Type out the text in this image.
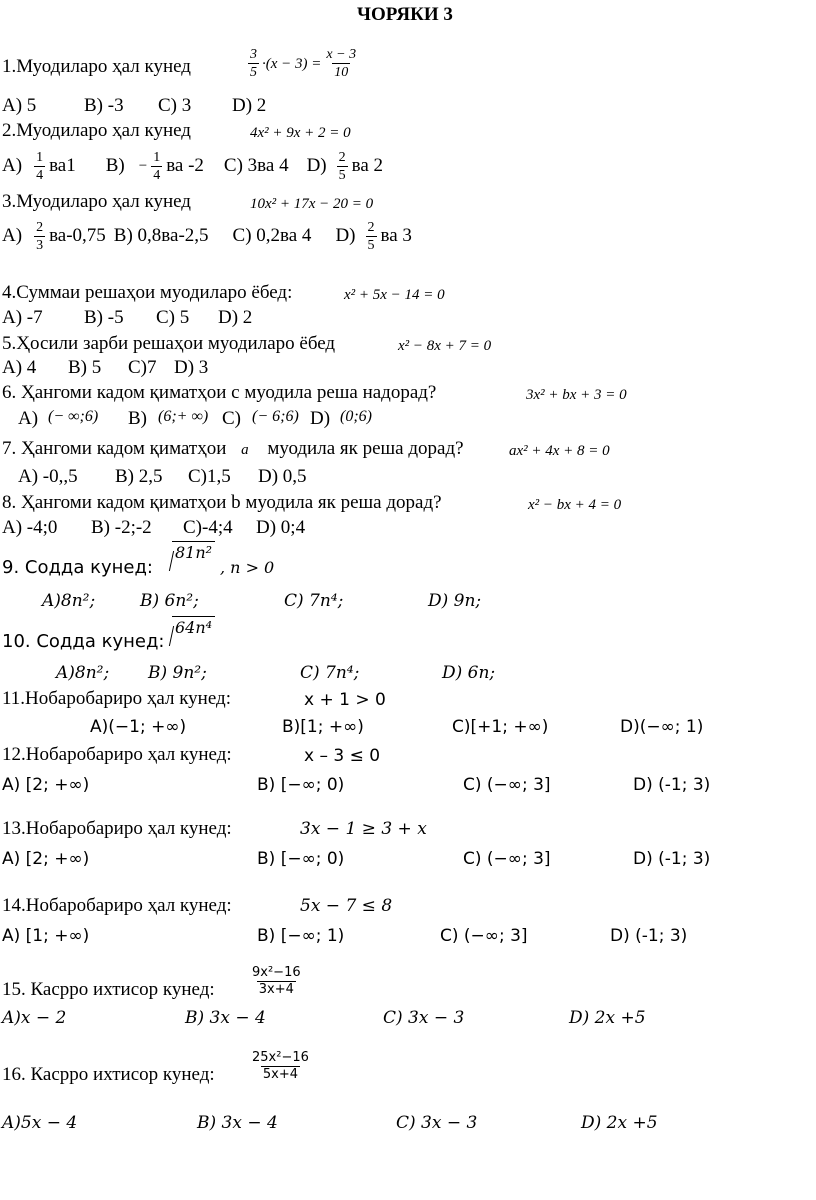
ЧОРЯКИ 3
1.Муодиларо ҳал кунед	$\frac{3}{5} \cdot(x - 3) = \frac{x - 3}{10}$
A) 5	B) -3 C) 3 D) 2
2.Муодиларо ҳал кунед	4x² + 9x + 2 = 0
$A) \frac{1}{4} ва1$ $B) - \frac{1}{4}$ ва -2 C) 3ва 4 $D) \frac{2}{5}$ ва 2
3.Муодиларо ҳал кунед	10x² + 17x − 20 = 0
$A) \frac{2}{3} ва-0,75$ B) 0,8ва-2,5 C) 0,2ва 4 $D) \frac{2}{5}$ ва 3
4.Суммаи решаҳои муодиларо ёбед:	x² + 5x − 14 = 0
A) -7 B) -5 C) 5 D) 2
5.Ҳосили зарби решаҳои муодиларо ёбед	x² − 8x + 7 = 0
A) 4 B) 5 C)7 D) 3
6. Ҳангоми кадом қиматҳои c муодила реша надорад?	3x² + bx + 3 = 0
A) (− ∞;6) B) (6;+ ∞) C) (− 6;6) D) (0;6)
7. Ҳангоми кадом қиматҳои a муодила як реша дорад?	ax² + 4x + 8 = 0
A) -0,,5 B) 2,5 C)1,5 D) 0,5
8. Ҳангоми кадом қиматҳои b муодила як реша дорад?	x² − bx + 4 = 0
A) -4;0 B) -2;-2 C)-4;4 D) 0;4
9. Содда кунед:
81n²
, n > 0
A)8n²;	B) 6n²;	C) 7n⁴;	D) 9n;
10. Содда кунед:
64n⁴
A)8n²; B) 9n²;	C) 7n⁴;	D) 6n;
11.Нобаробариро ҳал кунед:	x + 1 > 0
A)(−1; +∞)	B)[1; +∞)	C)[+1; +∞)	D)(−∞; 1)
12.Нобаробариро ҳал кунед:	x – 3 ≤ 0
A) [2; +∞)	B) [−∞; 0)	C) (−∞; 3]	D) (-1; 3)
13.Нобаробариро ҳал кунед:	3x − 1 ≥ 3 + x
A) [2; +∞)	B) [−∞; 0)	C) (−∞; 3]	D) (-1; 3)
14.Нобаробариро ҳал кунед:	5x − 7 ≤ 8
A) [1; +∞)	B) [−∞; 1)	C) (−∞; 3]	D) (-1; 3)
15. Касрро ихтисор кунед:	$\frac{\text{9x²−16}}{3x+4}$
A)x − 2	B) 3x − 4	C) 3x − 3	D) 2x +5
16. Касрро ихтисор кунед:	$\frac{\text{25x²−16}}{5x+4}$
A)5x − 4	B) 3x − 4	C) 3x − 3	D) 2x +5
